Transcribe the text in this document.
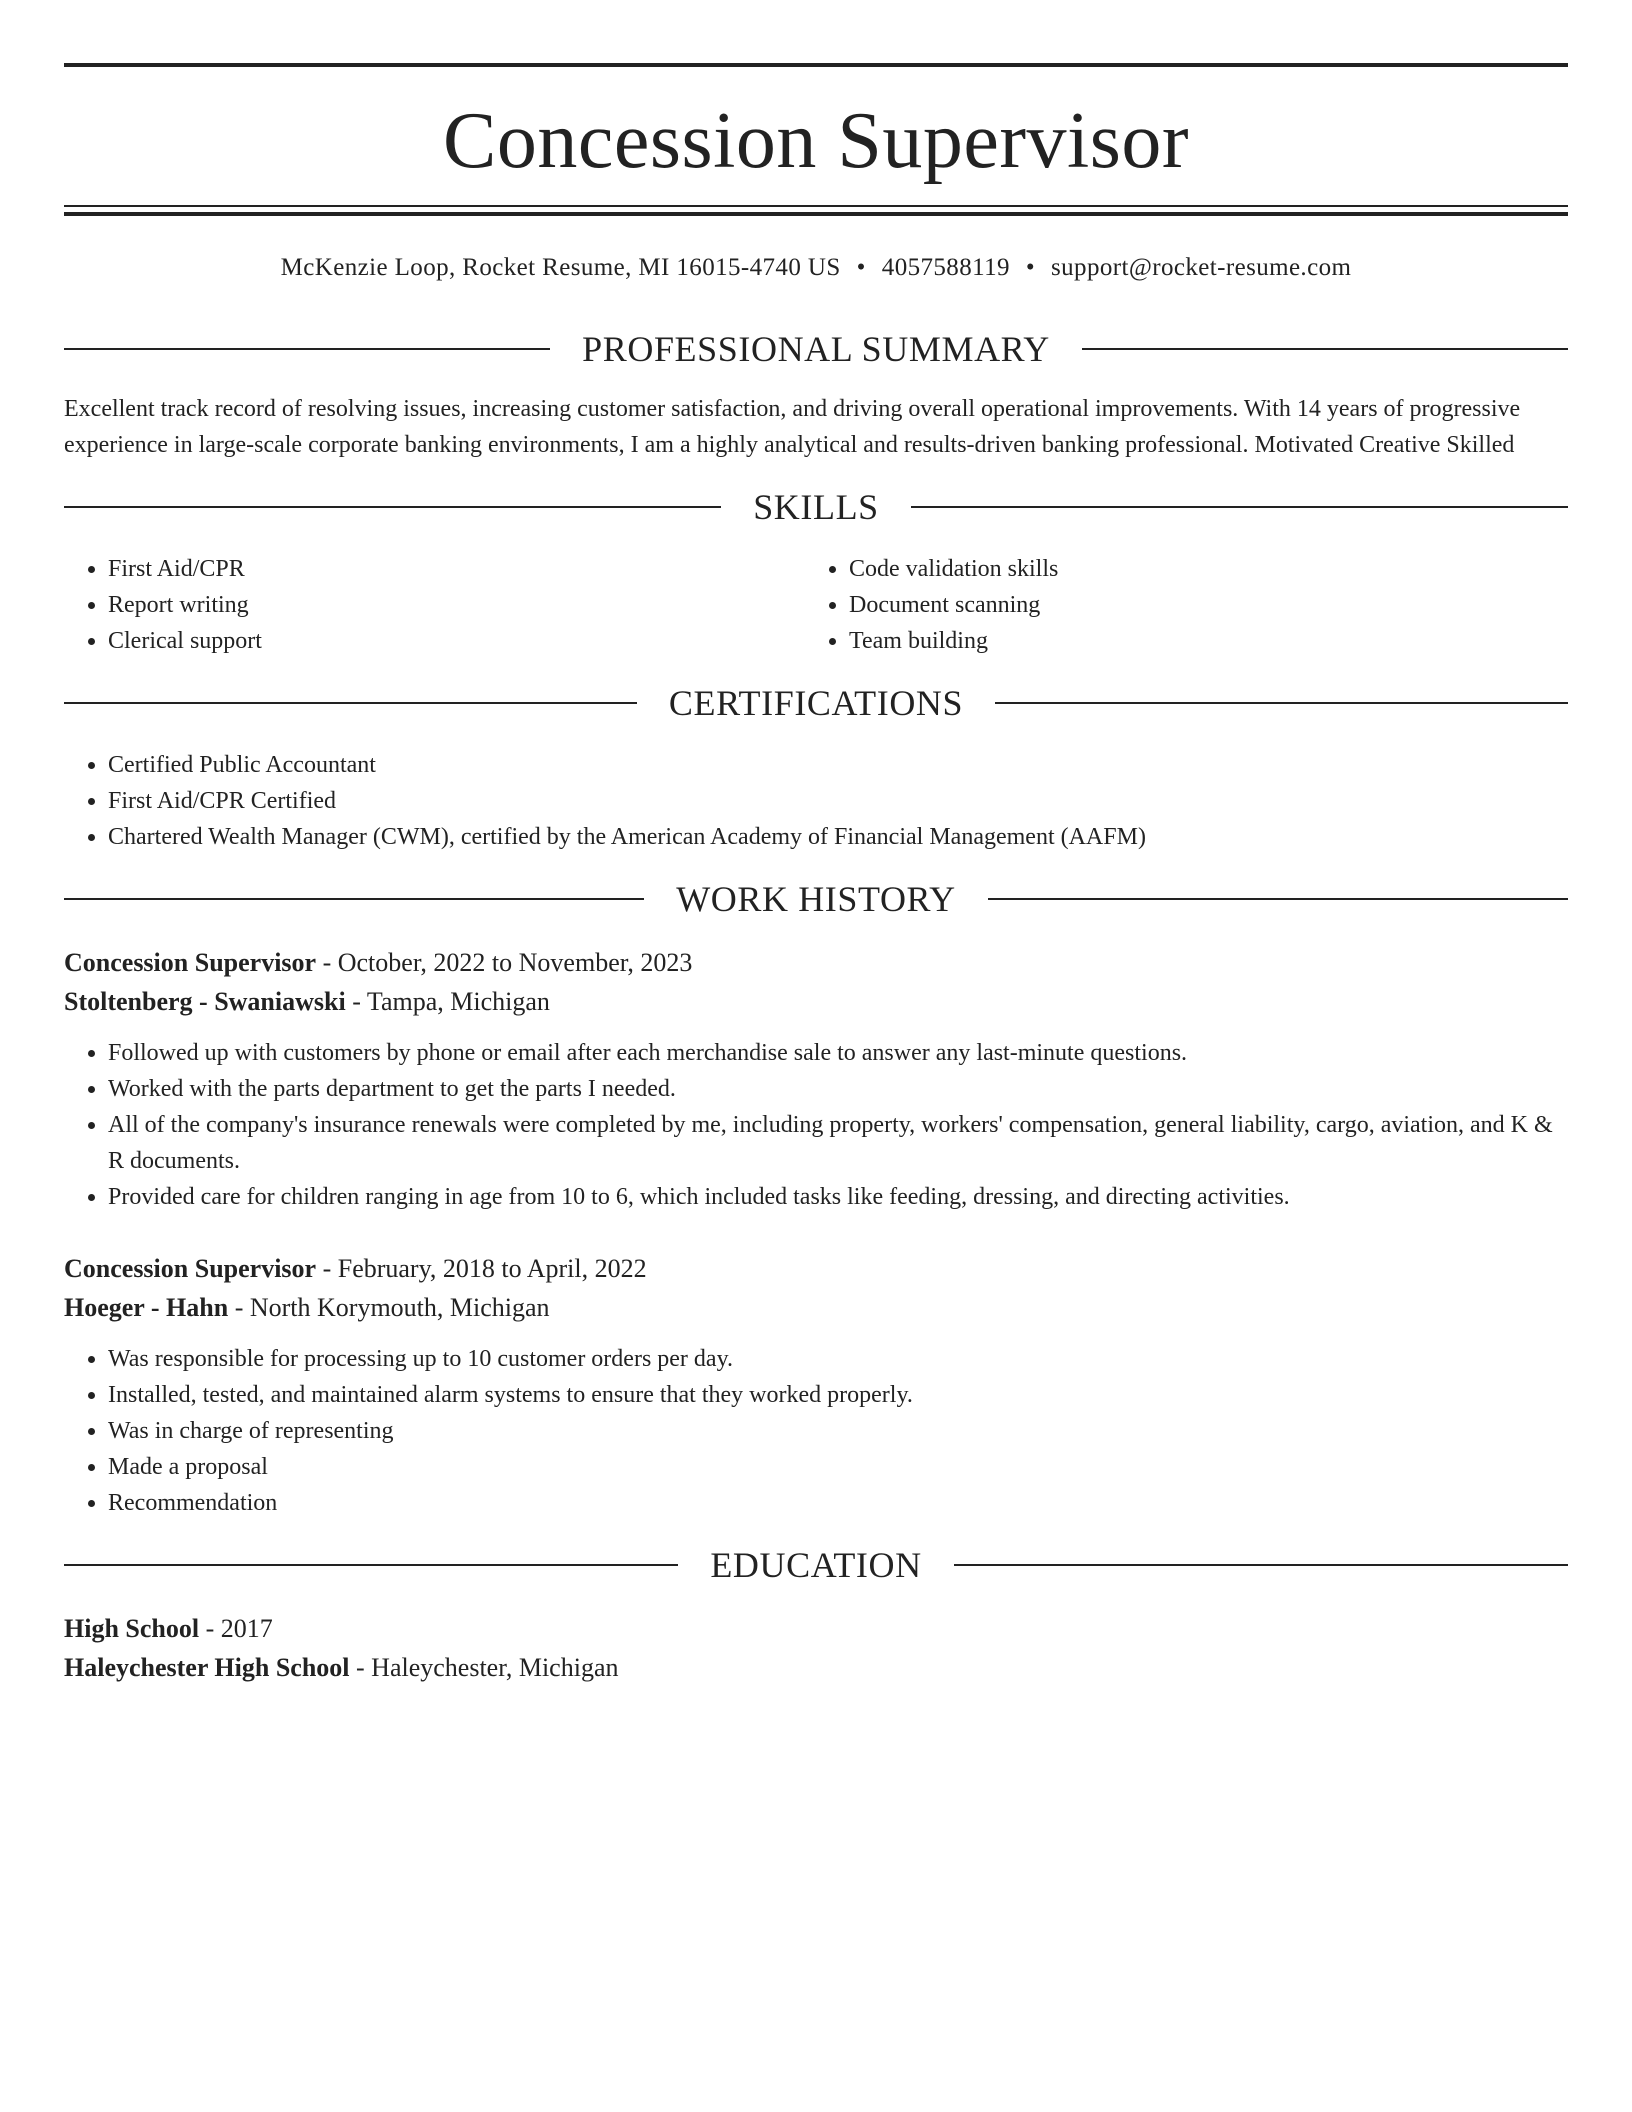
Concession Supervisor
McKenzie Loop, Rocket Resume, MI 16015-4740 US • 4057588119 • support@rocket-resume.com
PROFESSIONAL SUMMARY

Excellent track record of resolving issues, increasing customer satisfaction, and driving overall operational improvements. With 14 years of progressive experience in large-scale corporate banking environments, I am a highly analytical and results-driven banking professional. Motivated Creative Skilled

SKILLS
• First Aid/CPR
• Report writing
• Clerical support
• Code validation skills
• Document scanning
• Team building
CERTIFICATIONS
• Certified Public Accountant
• First Aid/CPR Certified
• Chartered Wealth Manager (CWM), certified by the American Academy of Financial Management (AAFM)
WORK HISTORY

Concession Supervisor - October, 2022 to November, 2023

Stoltenberg - Swaniawski - Tampa, Michigan

• Followed up with customers by phone or email after each merchandise sale to answer any last-minute questions.
• Worked with the parts department to get the parts I needed.
• All of the company's insurance renewals were completed by me, including property, workers' compensation, general liability, cargo, aviation, and K & R documents.
• Provided care for children ranging in age from 10 to 6, which included tasks like feeding, dressing, and directing activities.

Concession Supervisor - February, 2018 to April, 2022

Hoeger - Hahn - North Korymouth, Michigan

• Was responsible for processing up to 10 customer orders per day.
• Installed, tested, and maintained alarm systems to ensure that they worked properly.
• Was in charge of representing
• Made a proposal
• Recommendation
EDUCATION

High School - 2017

Haleychester High School - Haleychester, Michigan
